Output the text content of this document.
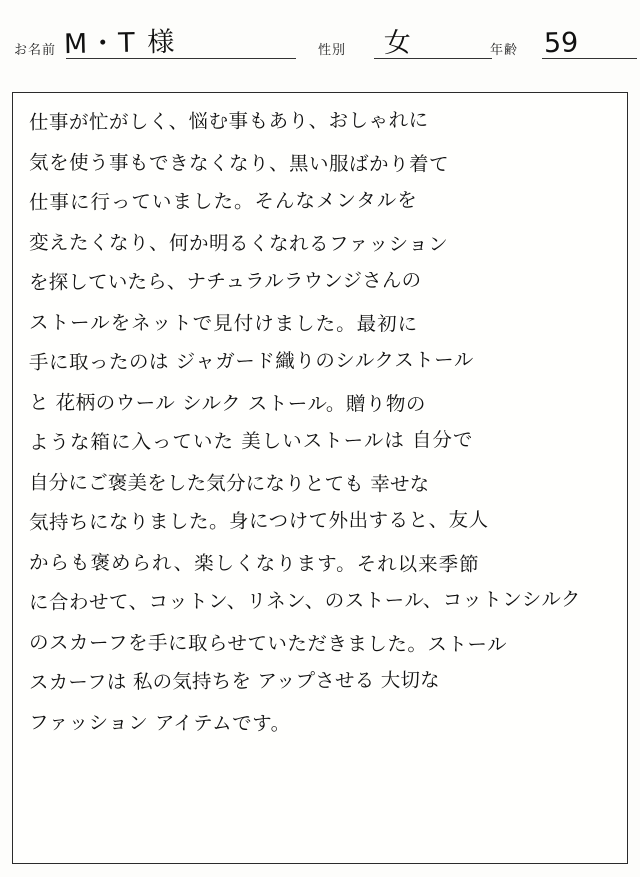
お名前 M・T 様	性別	女	年齢 59
仕事が忙がしく、悩む事もあり、おしゃれに
気を使う事もできなくなり、黒い服ばかり着て
仕事に行っていました。そんなメンタルを
変えたくなり、何か明るくなれるファッション
を探していたら、ナチュラルラウンジさんの
ストールをネットで見付けました。最初に
手に取ったのは ジャガード織りのシルクストール
と 花柄のウール シルク ストール。贈り物の
ような箱に入っていた 美しいストールは 自分で
自分にご褒美をした気分になりとても 幸せな
気持ちになりました。身につけて外出すると、友人
からも褒められ、楽しくなります。それ以来季節
に合わせて、コットン、リネン、のストール、コットンシルク
のスカーフを手に取らせていただきました。ストール
スカーフは 私の気持ちを アップさせる 大切な
ファッション アイテムです。
